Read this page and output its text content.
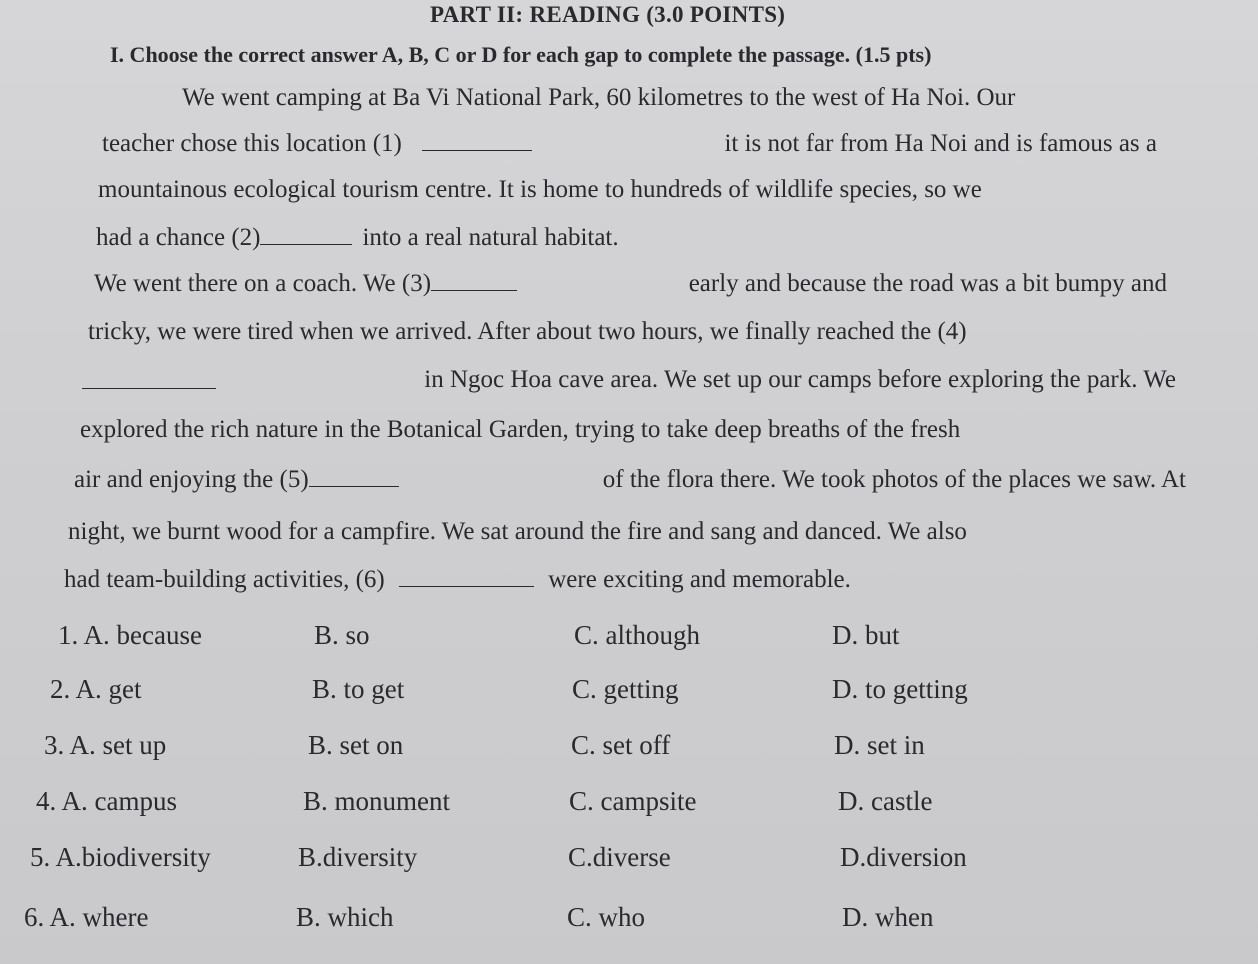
PART II: READING (3.0 POINTS)
I. Choose the correct answer A, B, C or D for each gap to complete the passage. (1.5 pts)
We went camping at Ba Vi National Park, 60 kilometres to the west of Ha Noi. Our
teacher chose this location (1)	it is not far from Ha Noi and is famous as a
mountainous ecological tourism centre. It is home to hundreds of wildlife species, so we
had a chance (2)	into a real natural habitat.
We went there on a coach. We (3)	early and because the road was a bit bumpy and
tricky, we were tired when we arrived. After about two hours, we finally reached the (4)
in Ngoc Hoa cave area. We set up our camps before exploring the park. We
explored the rich nature in the Botanical Garden, trying to take deep breaths of the fresh
air and enjoying the (5)	of the flora there. We took photos of the places we saw. At
night, we burnt wood for a campfire. We sat around the fire and sang and danced. We also
had team-building activities, (6)	were exciting and memorable.
1. A. because	B. so	C. although	D. but
2. A. get	B. to get	C. getting	D. to getting
3. A. set up	B. set on	C. set off	D. set in
4. A. campus	B. monument	C. campsite	D. castle
5. A.biodiversity	B.diversity	C.diverse	D.diversion
6. A. where	B. which	C. who	D. when
